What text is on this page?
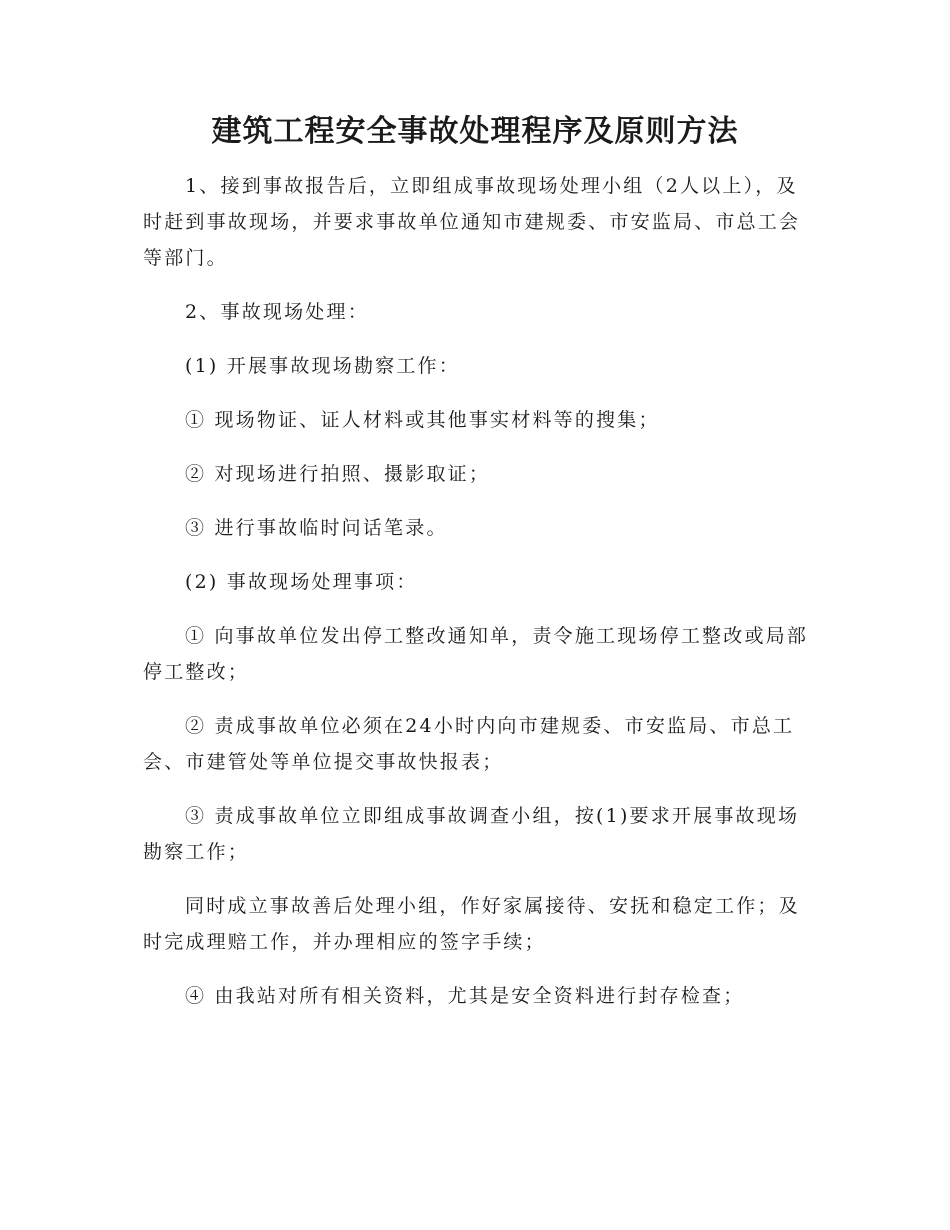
建筑工程安全事故处理程序及原则方法

1、接到事故报告后，立即组成事故现场处理小组（2人以上），及时赶到事故现场，并要求事故单位通知市建规委、市安监局、市总工会等部门。

2、事故现场处理：

(1) 开展事故现场勘察工作：

① 现场物证、证人材料或其他事实材料等的搜集；

② 对现场进行拍照、摄影取证；

③ 进行事故临时问话笔录。

(2) 事故现场处理事项：

① 向事故单位发出停工整改通知单，责令施工现场停工整改或局部停工整改；

② 责成事故单位必须在24小时内向市建规委、市安监局、市总工会、市建管处等单位提交事故快报表；

③ 责成事故单位立即组成事故调查小组，按(1)要求开展事故现场勘察工作；

同时成立事故善后处理小组，作好家属接待、安抚和稳定工作；及时完成理赔工作，并办理相应的签字手续；

④ 由我站对所有相关资料，尤其是安全资料进行封存检查；
